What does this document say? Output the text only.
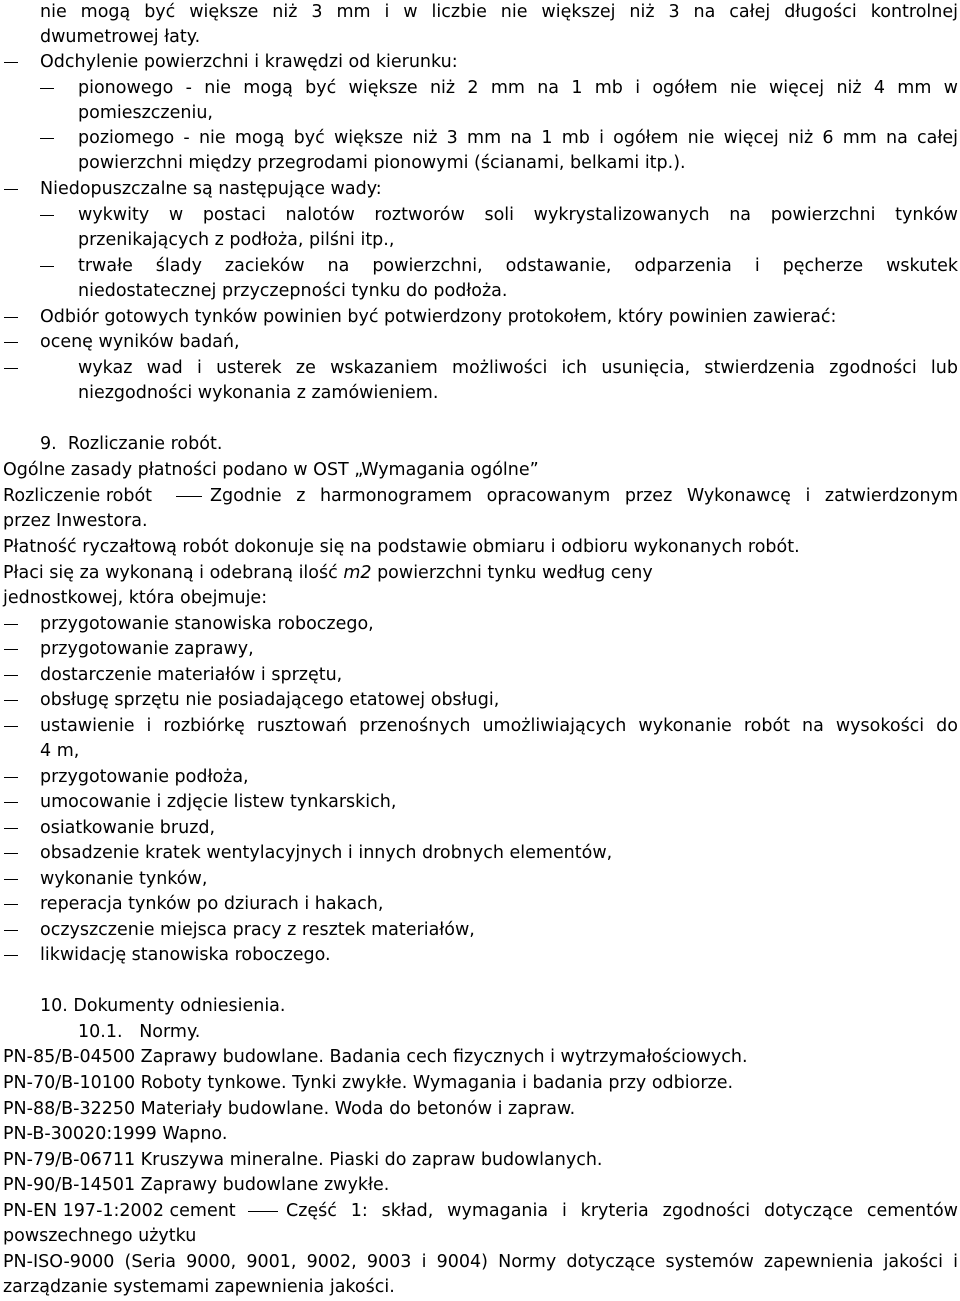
nie mogą być większe niż 3 mm i w liczbie nie większej niż 3 na całej długości kontrolnej
dwumetrowej łaty.
Odchylenie powierzchni i krawędzi od kierunku:
pionowego - nie mogą być większe niż 2 mm na 1 mb i ogółem nie więcej niż 4 mm w
pomieszczeniu,
poziomego - nie mogą być większe niż 3 mm na 1 mb i ogółem nie więcej niż 6 mm na całej
powierzchni między przegrodami pionowymi (ścianami, belkami itp.).
Niedopuszczalne są następujące wady:
wykwity w postaci nalotów roztworów soli wykrystalizowanych na powierzchni tynków
przenikających z podłoża, pilśni itp.,
trwałe ślady zacieków na powierzchni, odstawanie, odparzenia i pęcherze wskutek
niedostatecznej przyczepności tynku do podłoża.
Odbiór gotowych tynków powinien być potwierdzony protokołem, który powinien zawierać:
ocenę wyników badań,
wykaz wad i usterek ze wskazaniem możliwości ich usunięcia, stwierdzenia zgodności lub
niezgodności wykonania z zamówieniem.
9.  Rozliczanie robót.
Ogólne zasady płatności podano w OST „Wymagania ogólne”
Rozliczenie robót	Zgodnie z harmonogramem opracowanym przez Wykonawcę i zatwierdzonym
przez Inwestora.
Płatność ryczałtową robót dokonuje się na podstawie obmiaru i odbioru wykonanych robót.
Płaci się za wykonaną i odebraną ilość m2 powierzchni tynku według ceny
jednostkowej, która obejmuje:
przygotowanie stanowiska roboczego,
przygotowanie zaprawy,
dostarczenie materiałów i sprzętu,
obsługę sprzętu nie posiadającego etatowej obsługi,
ustawienie i rozbiórkę rusztowań przenośnych umożliwiających wykonanie robót na wysokości do
4 m,
przygotowanie podłoża,
umocowanie i zdjęcie listew tynkarskich,
osiatkowanie bruzd,
obsadzenie kratek wentylacyjnych i innych drobnych elementów,
wykonanie tynków,
reperacja tynków po dziurach i hakach,
oczyszczenie miejsca pracy z resztek materiałów,
likwidację stanowiska roboczego.
10. Dokumenty odniesienia.
10.1.   Normy.
PN-85/B-04500 Zaprawy budowlane. Badania cech fizycznych i wytrzymałościowych.
PN-70/B-10100 Roboty tynkowe. Tynki zwykłe. Wymagania i badania przy odbiorze.
PN-88/B-32250 Materiały budowlane. Woda do betonów i zapraw.
PN-B-30020:1999 Wapno.
PN-79/B-06711 Kruszywa mineralne. Piaski do zapraw budowlanych.
PN-90/B-14501 Zaprawy budowlane zwykłe.
PN-EN 197-1:2002 cement	Część 1: skład, wymagania i kryteria zgodności dotyczące cementów
powszechnego użytku
PN-ISO-9000 (Seria 9000, 9001, 9002, 9003 i 9004) Normy dotyczące systemów zapewnienia jakości i
zarządzanie systemami zapewnienia jakości.
